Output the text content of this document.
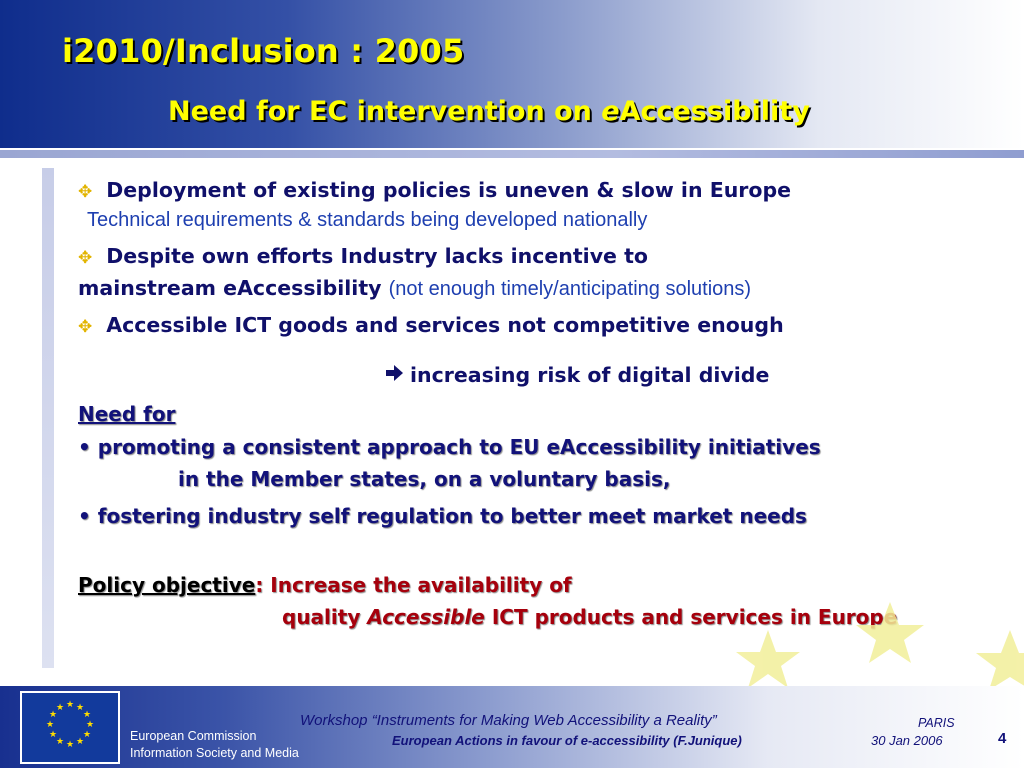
i2010/Inclusion : 2005
Need for EC intervention on eAccessibility
✥ Deployment of existing policies is uneven & slow in Europe
Technical requirements & standards being developed nationally
✥ Despite own efforts Industry lacks incentive to
mainstream eAccessibility (not enough timely/anticipating solutions)
✥ Accessible ICT goods and services not competitive enough
increasing risk of digital divide
Need for
• promoting a consistent approach to EU eAccessibility initiatives
in the Member states, on a voluntary basis,
• fostering industry self regulation to better meet market needs
Policy objective: Increase the availability of
quality Accessible ICT products and services in Europe
★ ★
★
★
★
★
★
★
★
★
★
★
European Commission
Information Society and Media
Workshop “Instruments for Making Web Accessibility a Reality”
European Actions in favour of e-accessibility (F.Junique)
PARIS
30 Jan 2006	4
